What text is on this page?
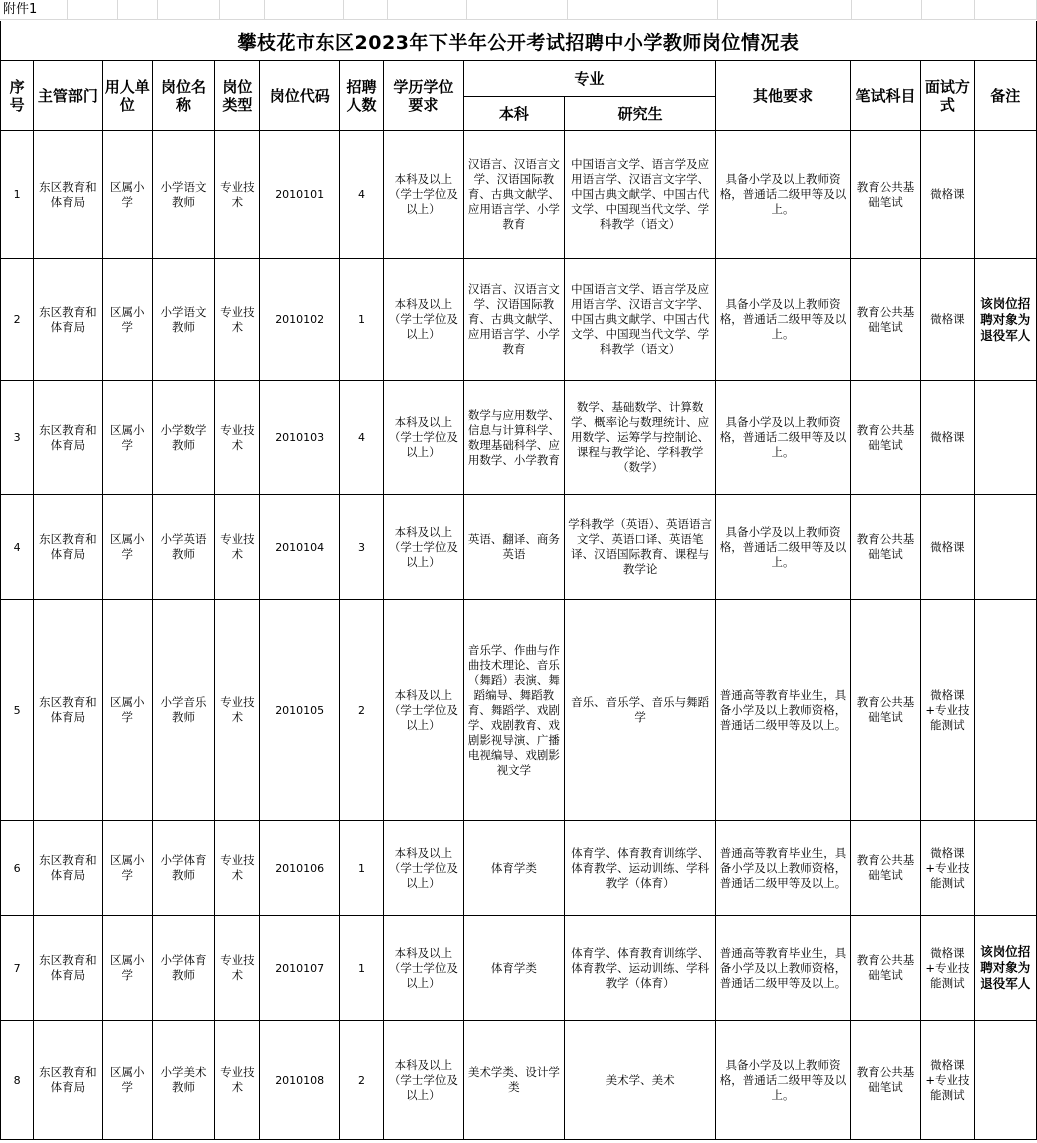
附件1
攀枝花市东区2023年下半年公开考试招聘中小学教师岗位情况表
序号	主管部门	用人单位	岗位名称	岗位类型	岗位代码	招聘人数	学历学位要求	专业		其他要求	笔试科目	面试方式	备注
								本科	研究生				
1	东区教育和体育局	区属小学	小学语文教师	专业技术	2010101	4	本科及以上（学士学位及以上）	汉语言、汉语言文学、汉语国际教育、古典文献学、应用语言学、小学教育	中国语言文学、语言学及应用语言学、汉语言文字学、中国古典文献学、中国古代文学、中国现当代文学、学科教学（语文）	具备小学及以上教师资格，普通话二级甲等及以上。	教育公共基础笔试	微格课	
2	东区教育和体育局	区属小学	小学语文教师	专业技术	2010102	1	本科及以上（学士学位及以上）	汉语言、汉语言文学、汉语国际教育、古典文献学、应用语言学、小学教育	中国语言文学、语言学及应用语言学、汉语言文字学、中国古典文献学、中国古代文学、中国现当代文学、学科教学（语文）	具备小学及以上教师资格，普通话二级甲等及以上。	教育公共基础笔试	微格课	该岗位招聘对象为退役军人
3	东区教育和体育局	区属小学	小学数学教师	专业技术	2010103	4	本科及以上（学士学位及以上）	数学与应用数学、信息与计算科学、数理基础科学、应用数学、小学教育	数学、基础数学、计算数学、概率论与数理统计、应用数学、运筹学与控制论、课程与教学论、学科教学（数学）	具备小学及以上教师资格，普通话二级甲等及以上。	教育公共基础笔试	微格课	
4	东区教育和体育局	区属小学	小学英语教师	专业技术	2010104	3	本科及以上（学士学位及以上）	英语、翻译、商务英语	学科教学（英语）、英语语言文学、英语口译、英语笔译、汉语国际教育、课程与教学论	具备小学及以上教师资格，普通话二级甲等及以上。	教育公共基础笔试	微格课	
5	东区教育和体育局	区属小学	小学音乐教师	专业技术	2010105	2	本科及以上（学士学位及以上）	音乐学、作曲与作曲技术理论、音乐（舞蹈）表演、舞蹈编导、舞蹈教育、舞蹈学、戏剧学、戏剧教育、戏剧影视导演、广播电视编导、戏剧影视文学	音乐、音乐学、音乐与舞蹈学	普通高等教育毕业生，具备小学及以上教师资格，普通话二级甲等及以上。	教育公共基础笔试	微格课+专业技能测试	
6	东区教育和体育局	区属小学	小学体育教师	专业技术	2010106	1	本科及以上（学士学位及以上）	体育学类	体育学、体育教育训练学、体育教学、运动训练、学科教学（体育）	普通高等教育毕业生，具备小学及以上教师资格，普通话二级甲等及以上。	教育公共基础笔试	微格课+专业技能测试	
7	东区教育和体育局	区属小学	小学体育教师	专业技术	2010107	1	本科及以上（学士学位及以上）	体育学类	体育学、体育教育训练学、体育教学、运动训练、学科教学（体育）	普通高等教育毕业生，具备小学及以上教师资格，普通话二级甲等及以上。	教育公共基础笔试	微格课+专业技能测试	该岗位招聘对象为退役军人
8	东区教育和体育局	区属小学	小学美术教师	专业技术	2010108	2	本科及以上（学士学位及以上）	美术学类、设计学类	美术学、美术	具备小学及以上教师资格，普通话二级甲等及以上。	教育公共基础笔试	微格课+专业技能测试	
